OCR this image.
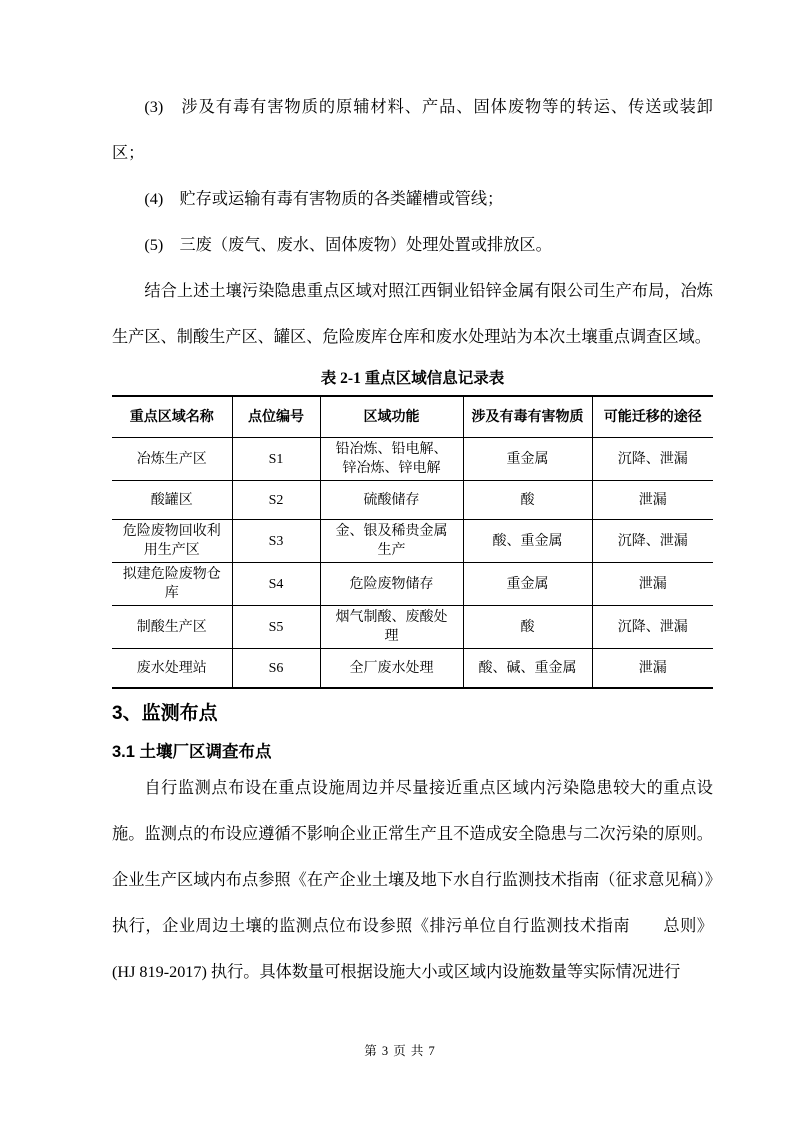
(3)　涉及有毒有害物质的原辅材料、产品、固体废物等的转运、传送或装卸区；

(4)　贮存或运输有毒有害物质的各类罐槽或管线；

(5)　三废（废气、废水、固体废物）处理处置或排放区。

结合上述土壤污染隐患重点区域对照江西铜业铅锌金属有限公司生产布局，冶炼生产区、制酸生产区、罐区、危险废库仓库和废水处理站为本次土壤重点调查区域。

表 2-1 重点区域信息记录表

重点区域名称	点位编号	区域功能	涉及有毒有害物质	可能迁移的途径
冶炼生产区	S1	铅冶炼、铅电解、锌冶炼、锌电解	重金属	沉降、泄漏
酸罐区	S2	硫酸储存	酸	泄漏
危险废物回收利用生产区	S3	金、银及稀贵金属生产	酸、重金属	沉降、泄漏
拟建危险废物仓库	S4	危险废物储存	重金属	泄漏
制酸生产区	S5	烟气制酸、废酸处理	酸	沉降、泄漏
废水处理站	S6	全厂废水处理	酸、碱、重金属	泄漏
3、监测布点
3.1 土壤厂区调查布点

自行监测点布设在重点设施周边并尽量接近重点区域内污染隐患较大的重点设施。监测点的布设应遵循不影响企业正常生产且不造成安全隐患与二次污染的原则。企业生产区域内布点参照《在产企业土壤及地下水自行监测技术指南（征求意见稿）》执行，企业周边土壤的监测点位布设参照《排污单位自行监测技术指南　　总则》(HJ 819-2017) 执行。具体数量可根据设施大小或区域内设施数量等实际情况进行

第 3 页 共 7
